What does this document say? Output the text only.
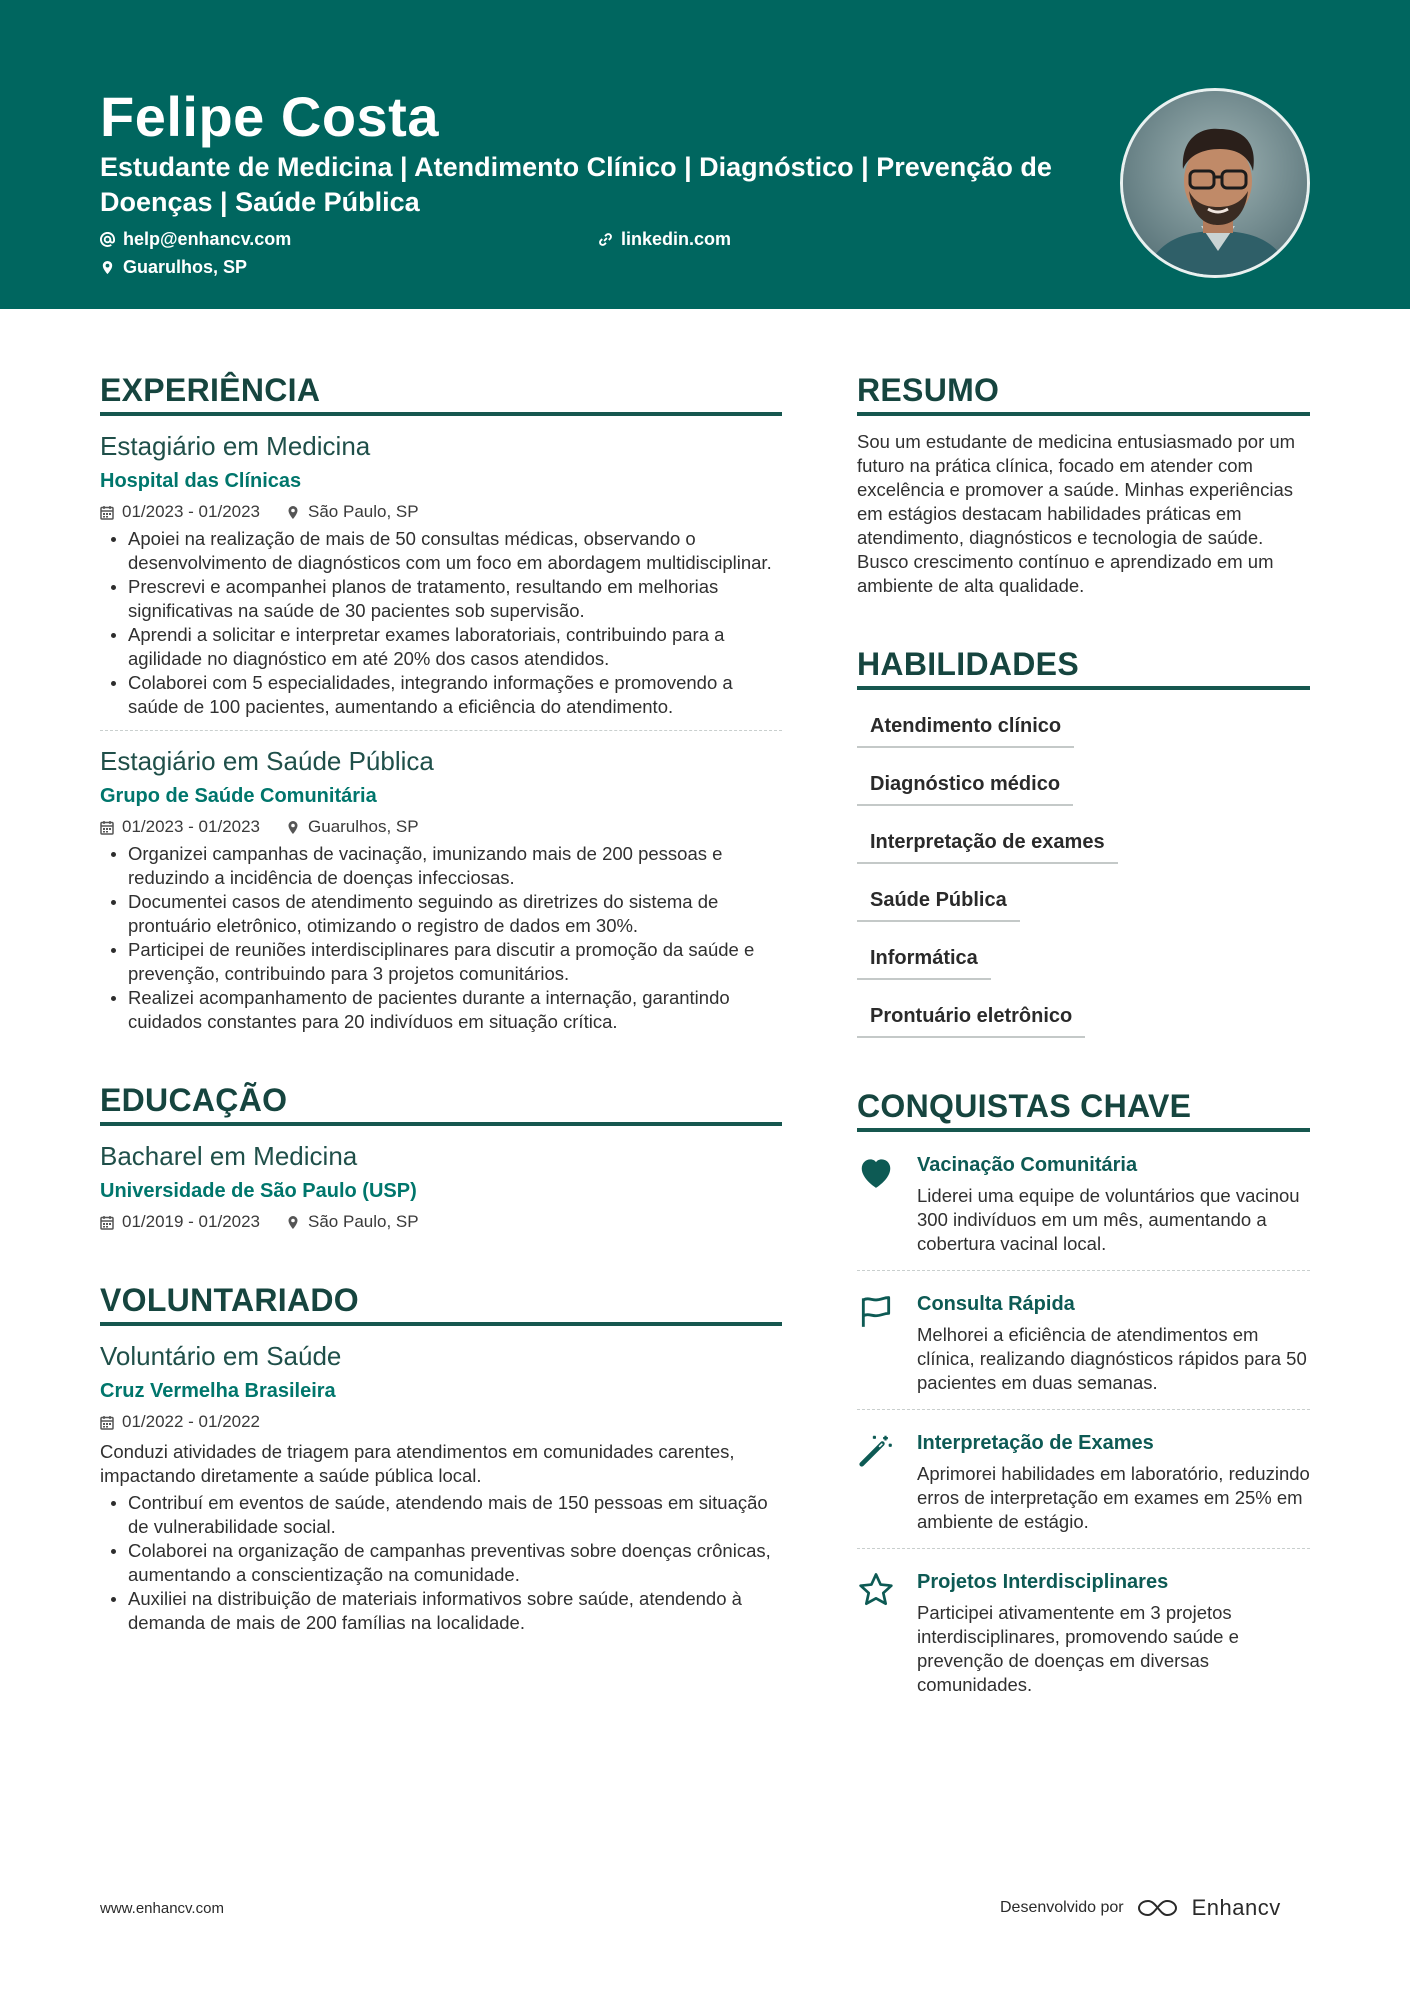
Felipe Costa
Estudante de Medicina | Atendimento Clínico | Diagnóstico | Prevenção de Doenças | Saúde Pública
help@enhancv.com	linkedin.com
Guarulhos, SP
EXPERIÊNCIA
Estagiário em Medicina
Hospital das Clínicas
01/2023 - 01/2023	São Paulo, SP
Apoiei na realização de mais de 50 consultas médicas, observando o desenvolvimento de diagnósticos com um foco em abordagem multidisciplinar.
Prescrevi e acompanhei planos de tratamento, resultando em melhorias significativas na saúde de 30 pacientes sob supervisão.
Aprendi a solicitar e interpretar exames laboratoriais, contribuindo para a agilidade no diagnóstico em até 20% dos casos atendidos.
Colaborei com 5 especialidades, integrando informações e promovendo a saúde de 100 pacientes, aumentando a eficiência do atendimento.
Estagiário em Saúde Pública
Grupo de Saúde Comunitária
01/2023 - 01/2023	Guarulhos, SP
Organizei campanhas de vacinação, imunizando mais de 200 pessoas e reduzindo a incidência de doenças infecciosas.
Documentei casos de atendimento seguindo as diretrizes do sistema de prontuário eletrônico, otimizando o registro de dados em 30%.
Participei de reuniões interdisciplinares para discutir a promoção da saúde e prevenção, contribuindo para 3 projetos comunitários.
Realizei acompanhamento de pacientes durante a internação, garantindo cuidados constantes para 20 indivíduos em situação crítica.
EDUCAÇÃO
Bacharel em Medicina
Universidade de São Paulo (USP)
01/2019 - 01/2023	São Paulo, SP
VOLUNTARIADO
Voluntário em Saúde
Cruz Vermelha Brasileira
01/2022 - 01/2022
Conduzi atividades de triagem para atendimentos em comunidades carentes, impactando diretamente a saúde pública local.
Contribuí em eventos de saúde, atendendo mais de 150 pessoas em situação de vulnerabilidade social.
Colaborei na organização de campanhas preventivas sobre doenças crônicas, aumentando a conscientização na comunidade.
Auxiliei na distribuição de materiais informativos sobre saúde, atendendo à demanda de mais de 200 famílias na localidade.
RESUMO
Sou um estudante de medicina entusiasmado por um futuro na prática clínica, focado em atender com excelência e promover a saúde. Minhas experiências em estágios destacam habilidades práticas em atendimento, diagnósticos e tecnologia de saúde. Busco crescimento contínuo e aprendizado em um ambiente de alta qualidade.
HABILIDADES
Atendimento clínico
Diagnóstico médico
Interpretação de exames
Saúde Pública
Informática
Prontuário eletrônico
CONQUISTAS CHAVE
Vacinação Comunitária
Liderei uma equipe de voluntários que vacinou 300 indivíduos em um mês, aumentando a cobertura vacinal local.
Consulta Rápida
Melhorei a eficiência de atendimentos em clínica, realizando diagnósticos rápidos para 50 pacientes em duas semanas.
Interpretação de Exames
Aprimorei habilidades em laboratório, reduzindo erros de interpretação em exames em 25% em ambiente de estágio.
Projetos Interdisciplinares
Participei ativamentente em 3 projetos interdisciplinares, promovendo saúde e prevenção de doenças em diversas comunidades.
www.enhancv.com	Desenvolvido por	Enhancv
